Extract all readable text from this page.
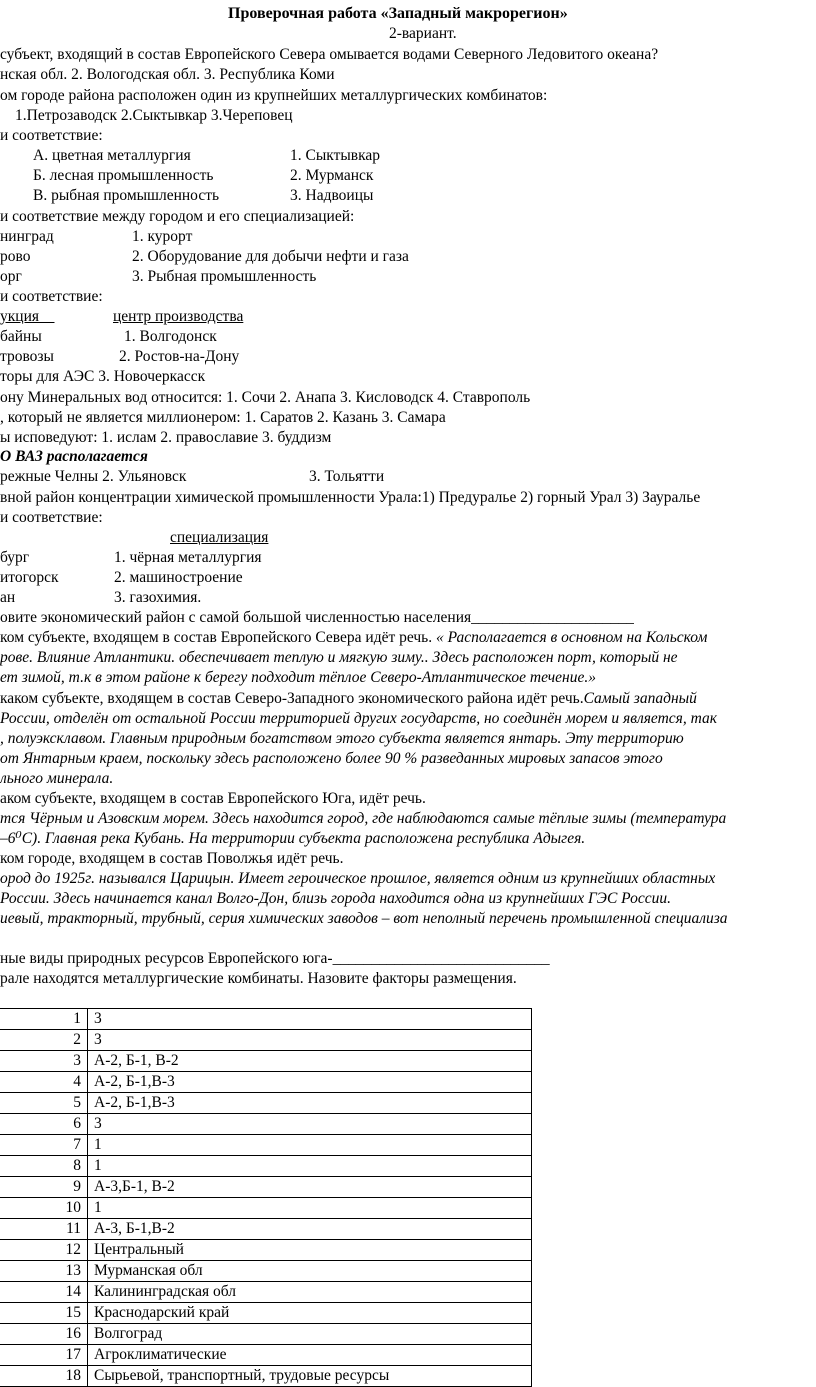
Проверочная работа «Западный макрорегион»
2-вариант.
субъект, входящий в состав Европейского Севера омывается водами Северного Ледовитого океана?
нская обл. 2. Вологодская обл. 3. Республика Коми
ом городе района расположен один из крупнейших металлургических комбинатов:
1.Петрозаводск 2.Сыктывкар 3.Череповец
и соответствие:
А. цветная металлургия	1. Сыктывкар
Б. лесная промышленность	2. Мурманск
В. рыбная промышленность	3. Надвоицы
и соответствие между городом и его специализацией:
нинград	1. курорт
рово	2. Оборудование для добычи нефти и газа
орг	3. Рыбная промышленность
и соответствие:
укция	центр производства
байны	1. Волгодонск
тровозы	2. Ростов-на-Дону
торы для АЭС 3. Новочеркасск
ону Минеральных вод относится: 1. Сочи 2. Анапа 3. Кисловодск 4. Ставрополь
, который не является миллионером: 1. Саратов 2. Казань 3. Самара
ы исповедуют: 1. ислам 2. православие 3. буддизм
О ВАЗ располагается
режные Челны 2. Ульяновск	3. Тольятти
вной район концентрации химической промышленности Урала:1) Предуралье 2) горный Урал 3) Зауралье
и соответствие:
специализация
бург	1. чёрная металлургия
итогорск	2. машиностроение
ан	3. газохимия.
овите экономический район с самой большой численностью населения_____________________
ком субъекте, входящем в состав Европейского Севера идёт речь. « Располагается в основном на Кольском
рове. Влияние Атлантики. обеспечивает теплую и мягкую зиму.. Здесь расположен порт, который не
ет зимой, т.к в этом районе к берегу подходит тёплое Северо-Атлантическое течение.»
каком субъекте, входящем в состав Северо-Западного экономического района идёт речь.Самый западный
России, отделён от остальной России территорией других государств, но соединён морем и является, так
, полуэксклавом. Главным природным богатством этого субъекта является янтарь. Эту территорию
от Янтарным краем, поскольку здесь расположено более 90 % разведанных мировых запасов этого
льного минерала.
аком субъекте, входящем в состав Европейского Юга, идёт речь.
тся Чёрным и Азовским морем. Здесь находится город, где наблюдаются самые тёплые зимы (температура
–6⁰С). Главная река Кубань. На территории субъекта расположена республика Адыгея.
ком городе, входящем в состав Поволжья идёт речь.
ород до 1925г. назывался Царицын. Имеет героическое прошлое, является одним из крупнейших областных
России. Здесь начинается канал Волго-Дон, близь города находится одна из крупнейших ГЭС России.
иевый, тракторный, трубный, серия химических заводов – вот неполный перечень промышленной специализа
ные виды природных ресурсов Европейского юга-____________________________
рале находятся металлургические комбинаты. Назовите факторы размещения.
	1	3
	2	3
	3	А-2, Б-1, В-2
	4	А-2, Б-1,В-3
	5	А-2, Б-1,В-3
	6	3
	7	1
	8	1
	9	А-3,Б-1, В-2
	10	1
	11	А-3, Б-1,В-2
	12	Центральный
	13	Мурманская обл
	14	Калининградская обл
	15	Краснодарский край
	16	Волгоград
	17	Агроклиматические
	18	Сырьевой, транспортный, трудовые ресурсы
